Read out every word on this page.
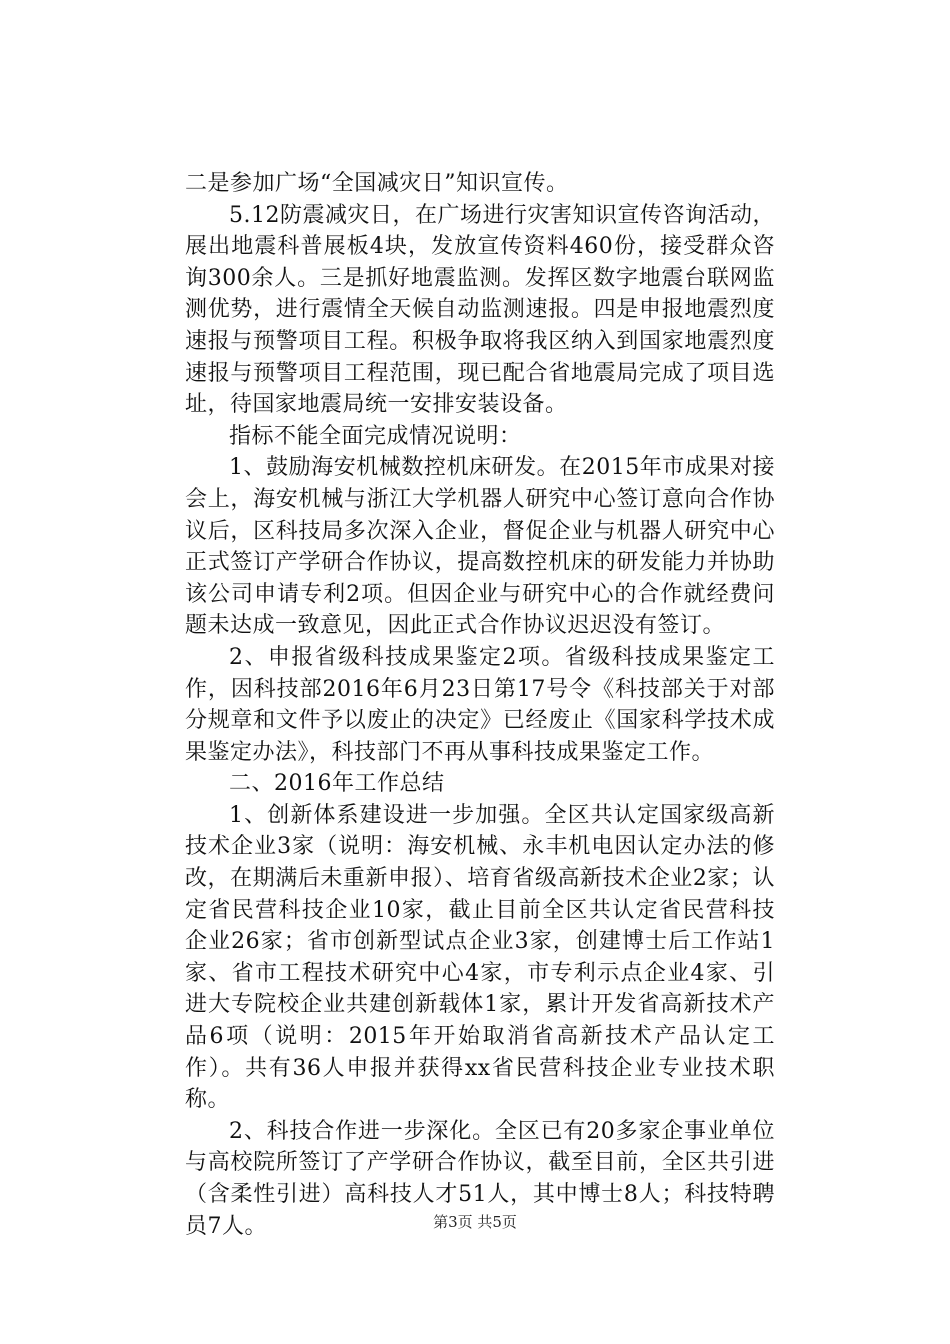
二是参加广场“全国减灾日”知识宣传。

5.12防震减灾日，在广场进行灾害知识宣传咨询活动，展出地震科普展板4块，发放宣传资料460份，接受群众咨询300余人。三是抓好地震监测。发挥区数字地震台联网监测优势，进行震情全天候自动监测速报。四是申报地震烈度速报与预警项目工程。积极争取将我区纳入到国家地震烈度速报与预警项目工程范围，现已配合省地震局完成了项目选址，待国家地震局统一安排安装设备。

指标不能全面完成情况说明：

1、鼓励海安机械数控机床研发。在2015年市成果对接会上，海安机械与浙江大学机器人研究中心签订意向合作协议后，区科技局多次深入企业，督促企业与机器人研究中心正式签订产学研合作协议，提高数控机床的研发能力并协助该公司申请专利2项。但因企业与研究中心的合作就经费问题未达成一致意见，因此正式合作协议迟迟没有签订。

2、申报省级科技成果鉴定2项。省级科技成果鉴定工作，因科技部2016年6月23日第17号令《科技部关于对部分规章和文件予以废止的决定》已经废止《国家科学技术成果鉴定办法》，科技部门不再从事科技成果鉴定工作。

二、2016年工作总结

1、创新体系建设进一步加强。全区共认定国家级高新技术企业3家（说明：海安机械、永丰机电因认定办法的修改，在期满后未重新申报）、培育省级高新技术企业2家；认定省民营科技企业10家，截止目前全区共认定省民营科技企业26家；省市创新型试点企业3家，创建博士后工作站1家、省市工程技术研究中心4家，市专利示点企业4家、引进大专院校企业共建创新载体1家，累计开发省高新技术产品6项（说明：2015年开始取消省高新技术产品认定工作）。共有36人申报并获得xx省民营科技企业专业技术职称。

2、科技合作进一步深化。全区已有20多家企事业单位与高校院所签订了产学研合作协议，截至目前，全区共引进（含柔性引进）高科技人才51人，其中博士8人；科技特聘员7人。	第3页 共5页
